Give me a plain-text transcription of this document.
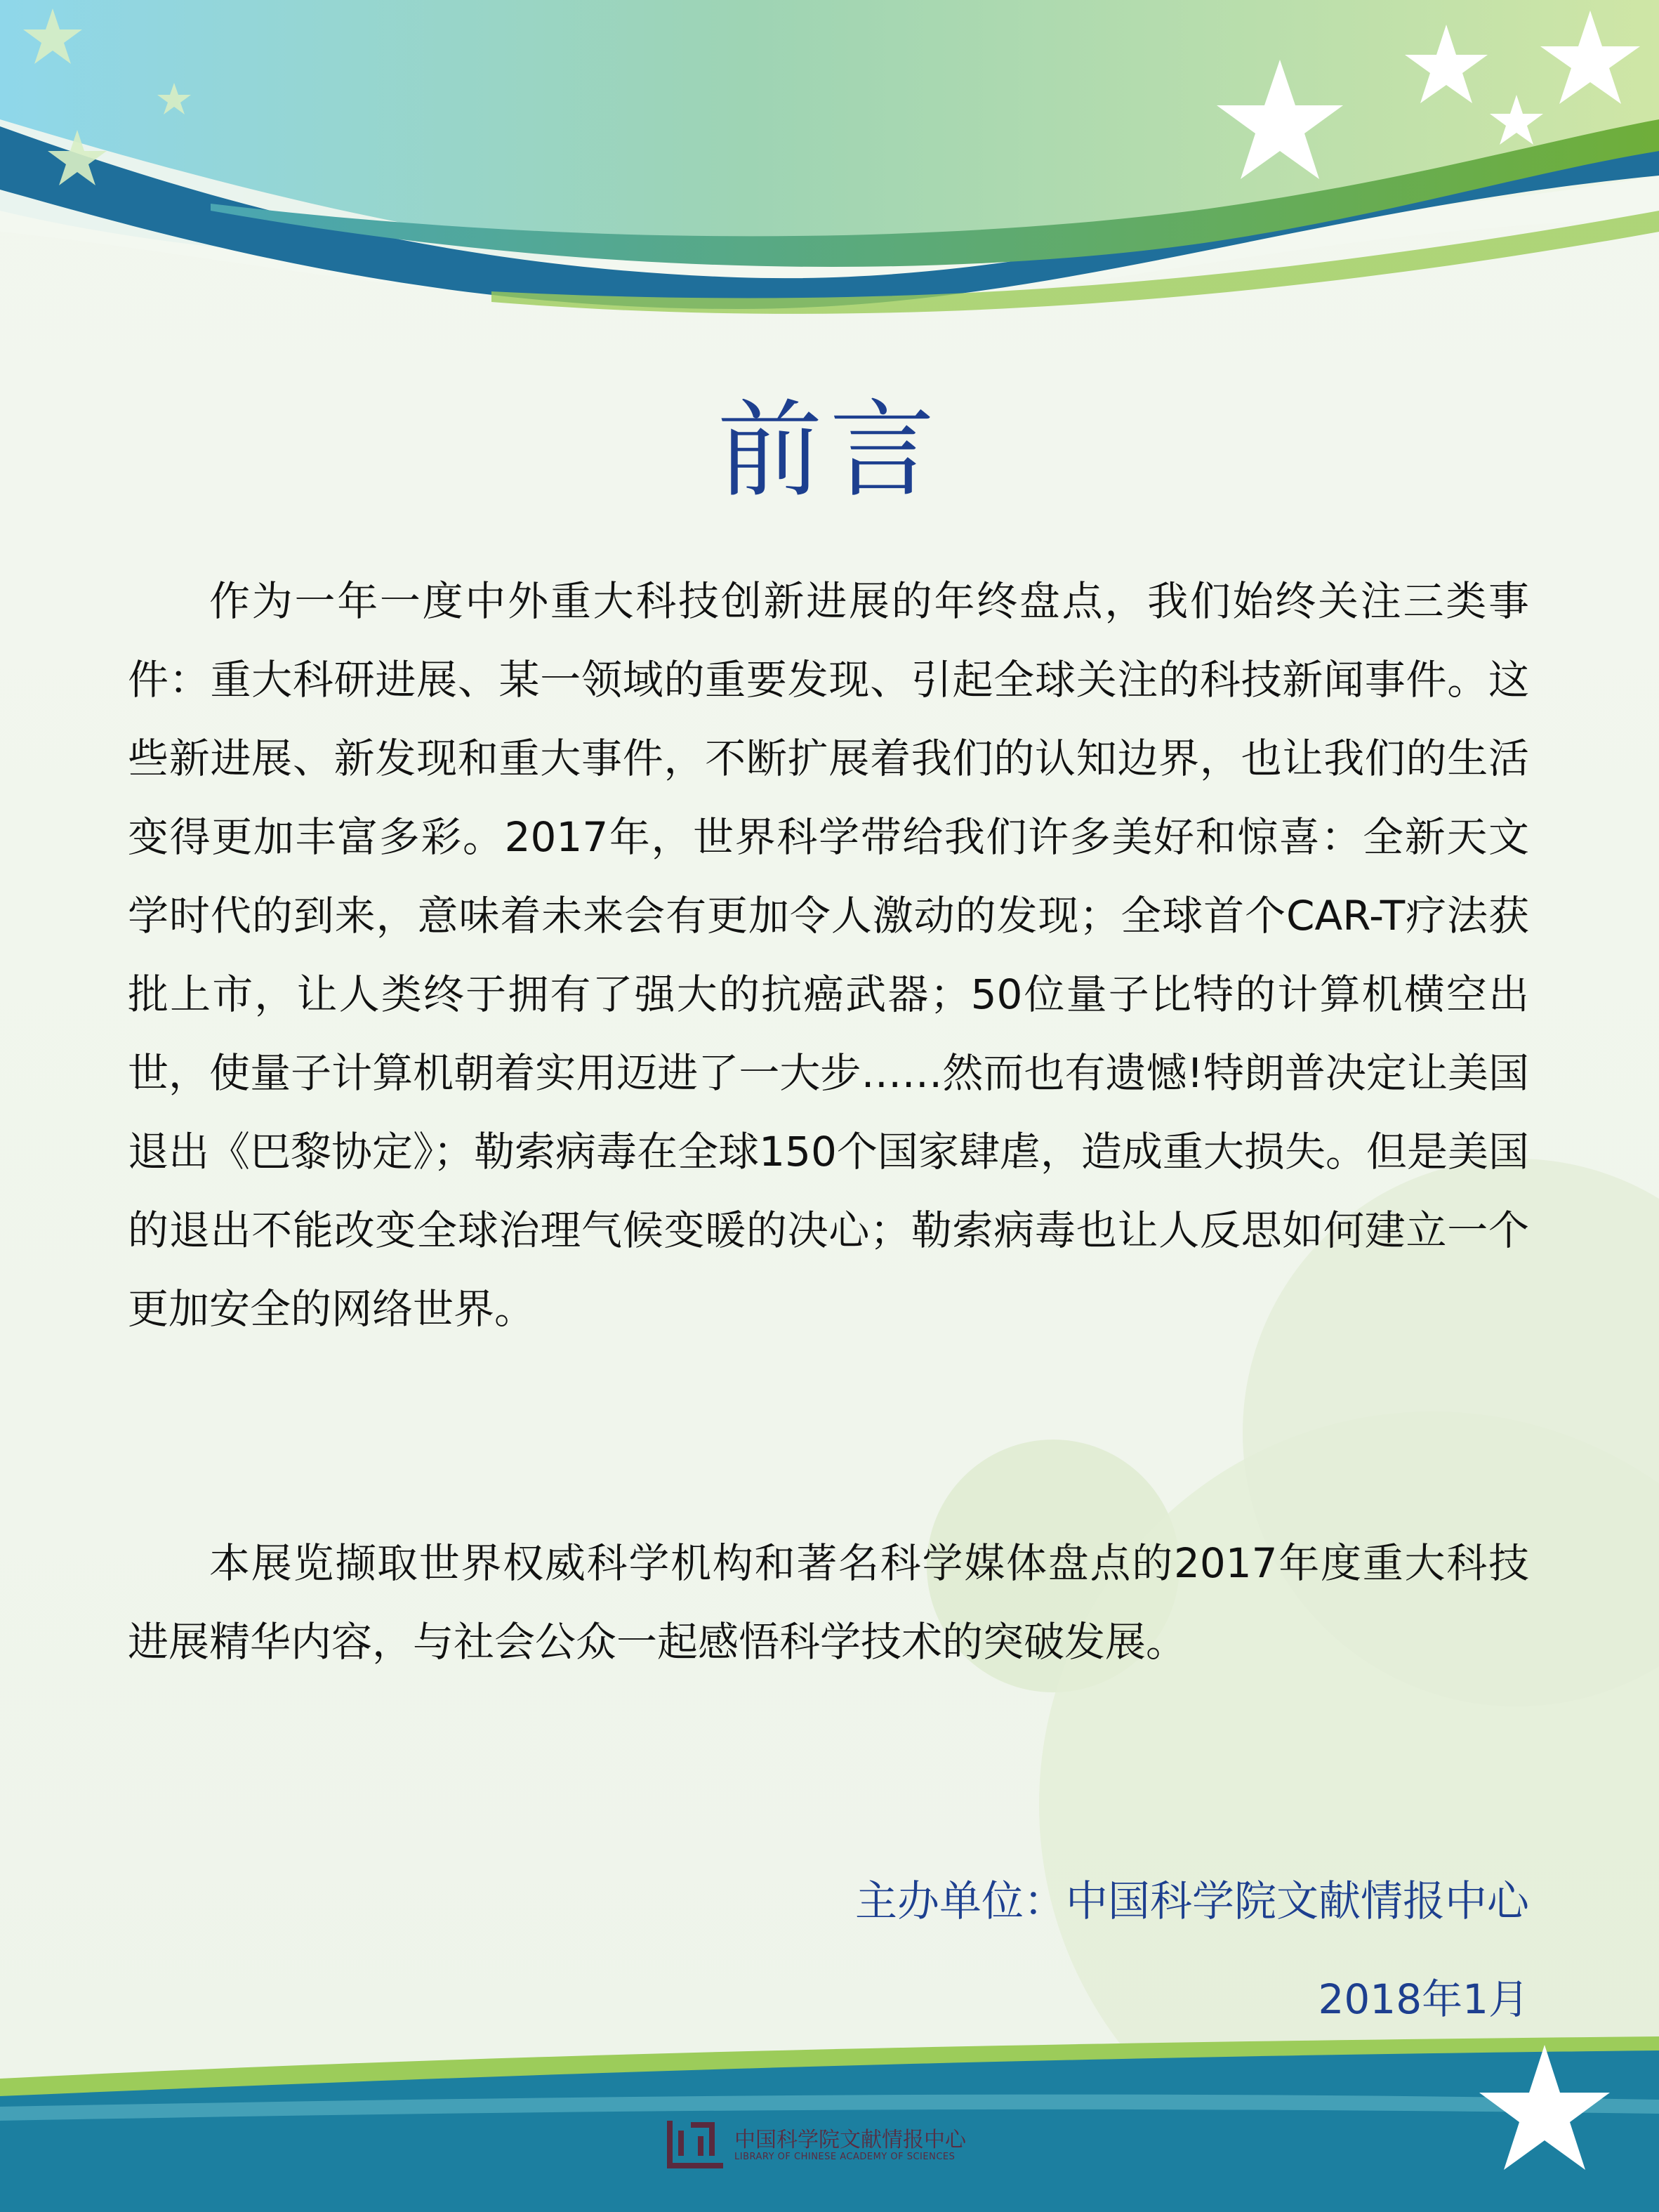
前言

作为一年一度中外重大科技创新进展的年终盘点，我们始终关注三类事件：重大科研进展、某一领域的重要发现、引起全球关注的科技新闻事件。这些新进展、新发现和重大事件，不断扩展着我们的认知边界，也让我们的生活变得更加丰富多彩。2017年，世界科学带给我们许多美好和惊喜：全新天文学时代的到来，意味着未来会有更加令人激动的发现；全球首个CAR-T疗法获批上市，让人类终于拥有了强大的抗癌武器；50位量子比特的计算机横空出世，使量子计算机朝着实用迈进了一大步……然而也有遗憾!特朗普决定让美国退出《巴黎协定》；勒索病毒在全球150个国家肆虐，造成重大损失。但是美国的退出不能改变全球治理气候变暖的决心；勒索病毒也让人反思如何建立一个更加安全的网络世界。

本展览撷取世界权威科学机构和著名科学媒体盘点的2017年度重大科技进展精华内容，与社会公众一起感悟科学技术的突破发展。

主办单位：中国科学院文献情报中心

2018年1月

中国科学院文献情报中心
LIBRARY OF CHINESE ACADEMY OF SCIENCES
